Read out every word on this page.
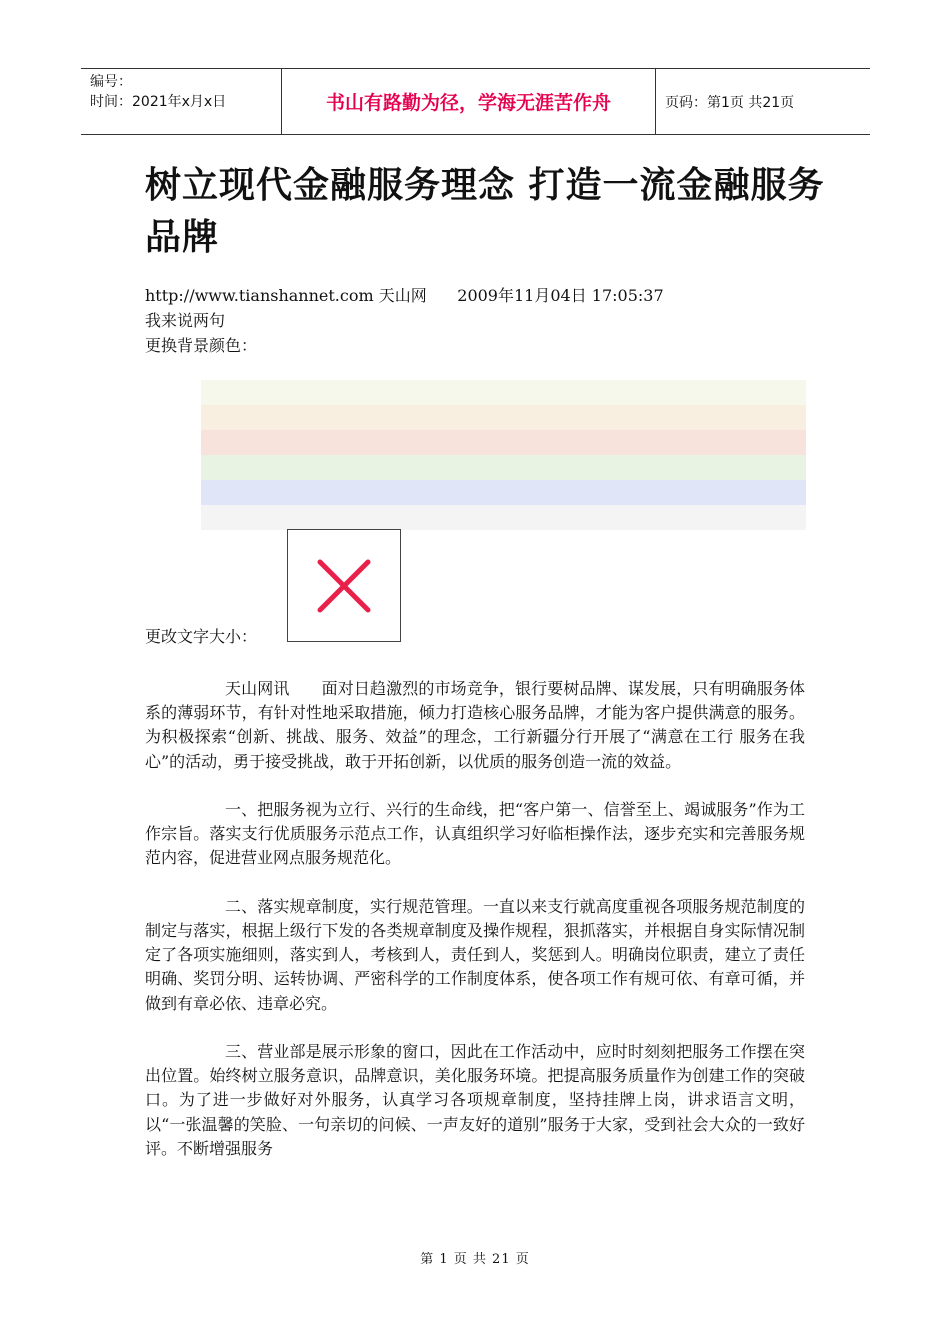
编号：
时间：2021年x月x日	书山有路勤为径，学海无涯苦作舟	页码：第1页 共21页
树立现代金融服务理念 打造一流金融服务品牌
http://www.tianshannet.com 天山网      2009年11月04日 17:05:37
我来说两句
更换背景颜色：
更改文字大小：

天山网讯　　面对日趋激烈的市场竞争，银行要树品牌、谋发展，只有明确服务体系的薄弱环节，有针对性地采取措施，倾力打造核心服务品牌，才能为客户提供满意的服务。为积极探索“创新、挑战、服务、效益”的理念，工行新疆分行开展了“满意在工行 服务在我心”的活动，勇于接受挑战，敢于开拓创新，以优质的服务创造一流的效益。

一、把服务视为立行、兴行的生命线，把“客户第一、信誉至上、竭诚服务”作为工作宗旨。落实支行优质服务示范点工作，认真组织学习好临柜操作法，逐步充实和完善服务规范内容，促进营业网点服务规范化。

二、落实规章制度，实行规范管理。一直以来支行就高度重视各项服务规范制度的制定与落实，根据上级行下发的各类规章制度及操作规程，狠抓落实，并根据自身实际情况制定了各项实施细则，落实到人，考核到人，责任到人，奖惩到人。明确岗位职责，建立了责任明确、奖罚分明、运转协调、严密科学的工作制度体系，使各项工作有规可依、有章可循，并做到有章必依、违章必究。

三、营业部是展示形象的窗口，因此在工作活动中，应时时刻刻把服务工作摆在突出位置。始终树立服务意识，品牌意识，美化服务环境。把提高服务质量作为创建工作的突破口。为了进一步做好对外服务，认真学习各项规章制度，坚持挂牌上岗，讲求语言文明，以“一张温馨的笑脸、一句亲切的问候、一声友好的道别”服务于大家，受到社会大众的一致好评。不断增强服务

第 1 页 共 21 页
